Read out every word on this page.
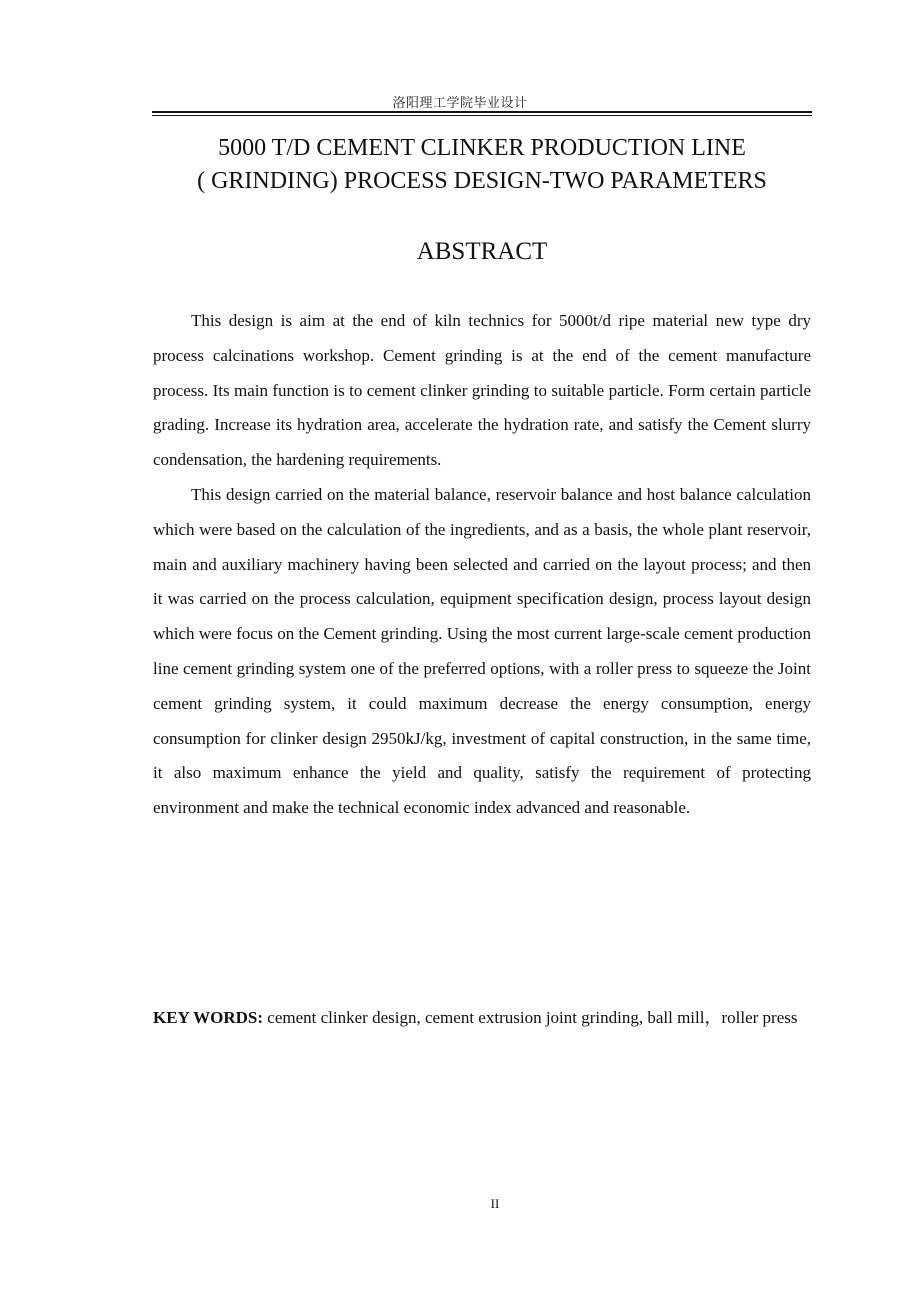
洛阳理工学院毕业设计
5000 T/D CEMENT CLINKER PRODUCTION LINE
( GRINDING) PROCESS DESIGN-TWO PARAMETERS
ABSTRACT

This design is aim at the end of kiln technics for 5000t/d ripe material new type dry process calcinations workshop. Cement grinding is at the end of the cement manufacture process. Its main function is to cement clinker grinding to suitable particle. Form certain particle grading. Increase its hydration area, accelerate the hydration rate, and satisfy the Cement slurry condensation, the hardening requirements.

This design carried on the material balance, reservoir balance and host balance calculation which were based on the calculation of the ingredients, and as a basis, the whole plant reservoir, main and auxiliary machinery having been selected and carried on the layout process; and then it was carried on the process calculation, equipment specification design, process layout design which were focus on the Cement grinding. Using the most current large-scale cement production line cement grinding system one of the preferred options, with a roller press to squeeze the Joint cement grinding system, it could maximum decrease the energy consumption, energy consumption for clinker design 2950kJ/kg, investment of capital construction, in the same time, it also maximum enhance the yield and quality, satisfy the requirement of protecting environment and make the technical economic index advanced and reasonable.

KEY WORDS: cement clinker design, cement extrusion joint grinding, ball mill，roller press
II
